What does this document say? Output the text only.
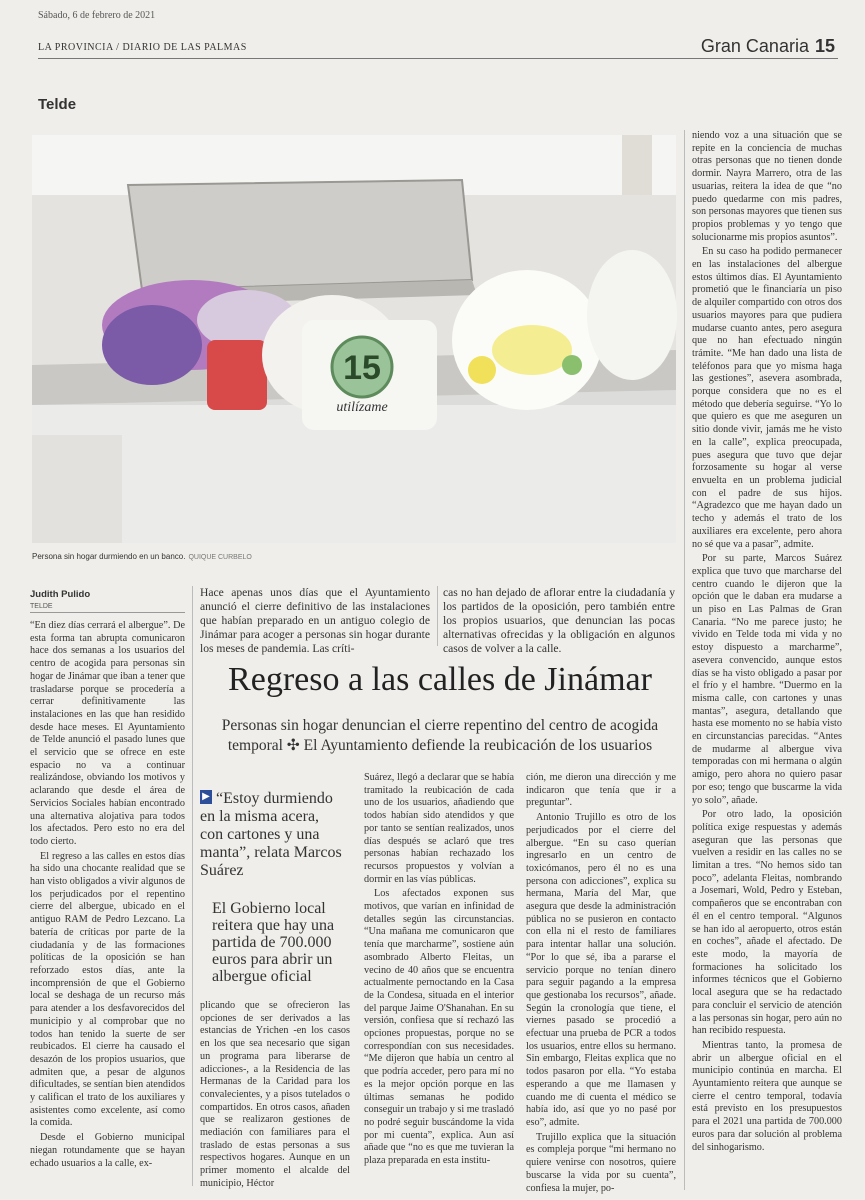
Sábado, 6 de febrero de 2021
LA PROVINCIA / DIARIO DE LAS PALMAS	Gran Canaria 15
Telde
15
utilízame
Persona sin hogar durmiendo en un banco. QUIQUE CURBELO
Judith Pulido
TELDE

“En diez días cerrará el albergue”. De esta forma tan abrupta comunicaron hace dos semanas a los usuarios del centro de acogida para personas sin hogar de Jinámar que iban a tener que trasladarse porque se procedería a cerrar definitivamente las instalaciones en las que han residido desde hace meses. El Ayuntamiento de Telde anunció el pasado lunes que el servicio que se ofrece en este espacio no va a continuar realizándose, obviando los motivos y aclarando que desde el área de Servicios Sociales habían encontrado una alternativa alojativa para todos los afectados. Pero esto no era del todo cierto.

El regreso a las calles en estos días ha sido una chocante realidad que se han visto obligados a vivir algunos de los perjudicados por el repentino cierre del albergue, ubicado en el antiguo RAM de Pedro Lezcano. La batería de críticas por parte de la ciudadanía y de las formaciones políticas de la oposición se han reforzado estos días, ante la incomprensión de que el Gobierno local se deshaga de un recurso más para atender a los desfavorecidos del municipio y al comprobar que no todos han tenido la suerte de ser reubicados. El cierre ha causado el desazón de los propios usuarios, que admiten que, a pesar de algunos dificultades, se sentían bien atendidos y califican el trato de los auxiliares y asistentes como excelente, así como la comida.

Desde el Gobierno municipal niegan rotundamente que se hayan echado usuarios a la calle, ex-

Hace apenas unos días que el Ayuntamiento anunció el cierre definitivo de las instalaciones que habían preparado en un antiguo colegio de Jinámar para acoger a personas sin hogar durante los meses de pandemia. Las críti-

cas no han dejado de aflorar entre la ciudadanía y los partidos de la oposición, pero también entre los propios usuarios, que denuncian las pocas alternativas ofrecidas y la obligación en algunos casos de volver a la calle.

Regreso a las calles de Jinámar
Personas sin hogar denuncian el cierre repentino del centro de acogida temporal ✣ El Ayuntamiento defiende la reubicación de los usuarios
▶ “Estoy durmiendo en la misma acera, con cartones y una manta”, relata Marcos Suárez
El Gobierno local reitera que hay una partida de 700.000 euros para abrir un albergue oficial

plicando que se ofrecieron las opciones de ser derivados a las estancias de Yrichen -en los casos en los que sea necesario que sigan un programa para liberarse de adicciones-, a la Residencia de las Hermanas de la Caridad para los convalecientes, y a pisos tutelados o compartidos. En otros casos, añaden que se realizaron gestiones de mediación con familiares para el traslado de estas personas a sus respectivos hogares. Aunque en un primer momento el alcalde del municipio, Héctor

Suárez, llegó a declarar que se había tramitado la reubicación de cada uno de los usuarios, añadiendo que todos habían sido atendidos y que por tanto se sentían realizados, unos días después se aclaró que tres personas habían rechazado los recursos propuestos y volvían a dormir en las vías públicas.

Los afectados exponen sus motivos, que varían en infinidad de detalles según las circunstancias. “Una mañana me comunicaron que tenía que marcharme”, sostiene aún asombrado Alberto Fleitas, un vecino de 40 años que se encuentra actualmente pernoctando en la Casa de la Condesa, situada en el interior del parque Jaime O'Shanahan. En su versión, confiesa que sí rechazó las opciones propuestas, porque no se correspondían con sus necesidades. “Me dijeron que había un centro al que podría acceder, pero para mí no es la mejor opción porque en las últimas semanas he podido conseguir un trabajo y si me trasladó no podré seguir buscándome la vida por mi cuenta”, explica. Aun así añade que “no es que me tuvieran la plaza preparada en esta institu-

ción, me dieron una dirección y me indicaron que tenía que ir a preguntar”.

Antonio Trujillo es otro de los perjudicados por el cierre del albergue. “En su caso querían ingresarlo en un centro de toxicómanos, pero él no es una persona con adicciones”, explica su hermana, María del Mar, que asegura que desde la administración pública no se pusieron en contacto con ella ni el resto de familiares para intentar hallar una solución. “Por lo que sé, iba a pararse el servicio porque no tenían dinero para seguir pagando a la empresa que gestionaba los recursos”, añade. Según la cronología que tiene, el viernes pasado se procedió a efectuar una prueba de PCR a todos los usuarios, entre ellos su hermano. Sin embargo, Fleitas explica que no todos pasaron por ella. “Yo estaba esperando a que me llamasen y cuando me di cuenta el médico se había ido, así que yo no pasé por eso”, admite.

Trujillo explica que la situación es compleja porque “mi hermano no quiere venirse con nosotros, quiere buscarse la vida por su cuenta”, confiesa la mujer, po-

niendo voz a una situación que se repite en la conciencia de muchas otras personas que no tienen donde dormir. Nayra Marrero, otra de las usuarias, reitera la idea de que “no puedo quedarme con mis padres, son personas mayores que tienen sus propios problemas y yo tengo que solucionarme mis propios asuntos”.

En su caso ha podido permanecer en las instalaciones del albergue estos últimos días. El Ayuntamiento prometió que le financiaría un piso de alquiler compartido con otros dos usuarios mayores para que pudiera mudarse cuanto antes, pero asegura que no han efectuado ningún trámite. “Me han dado una lista de teléfonos para que yo misma haga las gestiones”, asevera asombrada, porque considera que no es el método que debería seguirse. “Yo lo que quiero es que me aseguren un sitio donde vivir, jamás me he visto en la calle”, explica preocupada, pues asegura que tuvo que dejar forzosamente su hogar al verse envuelta en un problema judicial con el padre de sus hijos. “Agradezco que me hayan dado un techo y además el trato de los auxiliares era excelente, pero ahora no sé que va a pasar”, admite.

Por su parte, Marcos Suárez explica que tuvo que marcharse del centro cuando le dijeron que la opción que le daban era mudarse a un piso en Las Palmas de Gran Canaria. “No me parece justo; he vivido en Telde toda mi vida y no estoy dispuesto a marcharme”, asevera convencido, aunque estos días se ha visto obligado a pasar por el frío y el hambre. “Duermo en la misma calle, con cartones y unas mantas”, asegura, detallando que hasta ese momento no se había visto en circunstancias parecidas. “Antes de mudarme al albergue viva temporadas con mi hermana o algún amigo, pero ahora no quiero pasar por eso; tengo que buscarme la vida yo solo”, añade.

Por otro lado, la oposición política exige respuestas y además aseguran que las personas que vuelven a residir en las calles no se limitan a tres. “No hemos sido tan poco”, adelanta Fleitas, nombrando a Josemari, Wold, Pedro y Esteban, compañeros que se encontraban con él en el centro temporal. “Algunos se han ido al aeropuerto, otros están en coches”, añade el afectado. De este modo, la mayoría de formaciones ha solicitado los informes técnicos que el Gobierno local asegura que se ha redactado para concluir el servicio de atención a las personas sin hogar, pero aún no han recibido respuesta.

Mientras tanto, la promesa de abrir un albergue oficial en el municipio continúa en marcha. El Ayuntamiento reitera que aunque se cierre el centro temporal, todavía está previsto en los presupuestos para el 2021 una partida de 700.000 euros para dar solución al problema del sinhogarismo.
